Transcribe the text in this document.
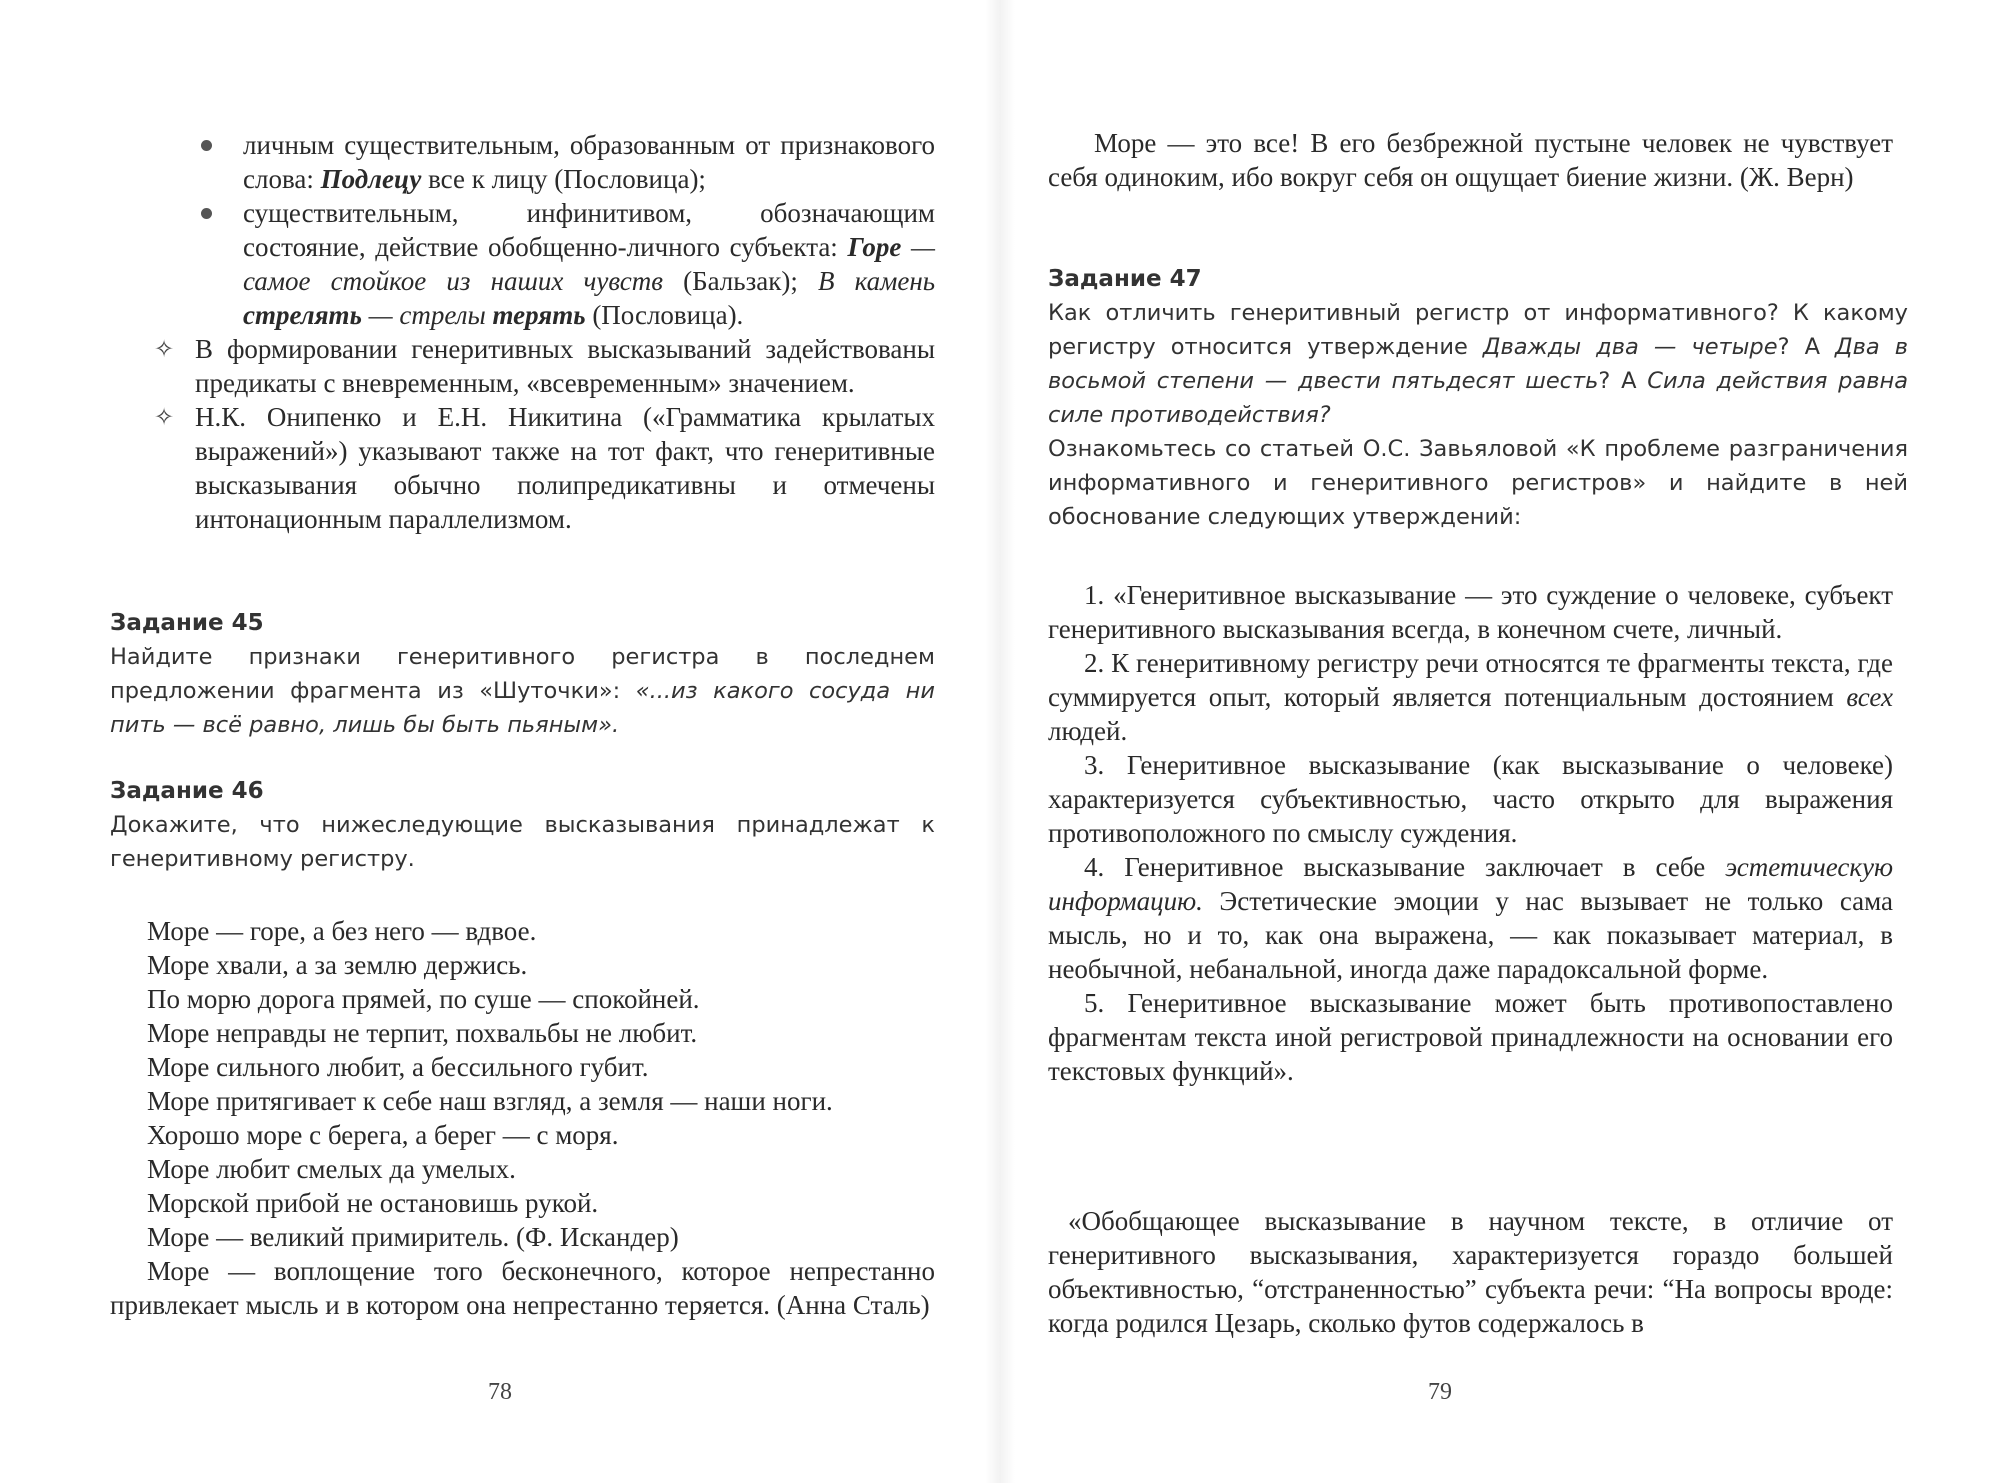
личным существительным, образованным от признакового слова: Подлецу все к лицу (Пословица);
существительным, инфинитивом, обозначающим состояние, действие обобщенно-личного субъекта: Горе — самое стойкое из наших чувств (Бальзак); В камень стрелять — стрелы терять (Пословица).
✧ В формировании генеритивных высказываний задействованы предикаты с вневременным, «всевременным» значением.
✧ Н.К. Онипенко и Е.Н. Никитина («Грамматика крылатых выражений») указывают также на тот факт, что генеритивные высказывания обычно полипредикативны и отмечены интонационным параллелизмом.
Задание 45
Найдите признаки генеритивного регистра в последнем предложении фрагмента из «Шуточки»: «...из какого сосуда ни пить — всё равно, лишь бы быть пьяным».
Задание 46
Докажите, что нижеследующие высказывания принадлежат к генеритивному регистру.
Море — горе, а без него — вдвое.
Море хвали, а за землю держись.
По морю дорога прямей, по суше — спокойней.
Море неправды не терпит, похвальбы не любит.
Море сильного любит, а бессильного губит.
Море притягивает к себе наш взгляд, а земля — наши ноги.
Хорошо море с берега, а берег — с моря.
Море любит смелых да умелых.
Морской прибой не остановишь рукой.
Море — великий примиритель. (Ф. Искандер)
Море — воплощение того бесконечного, которое непрестанно привлекает мысль и в котором она непрестанно теряется. (Анна Сталь)
78
Море — это все! В его безбрежной пустыне человек не чувствует себя одиноким, ибо вокруг себя он ощущает биение жизни. (Ж. Верн)
Задание 47
Как отличить генеритивный регистр от информативного? К какому регистру относится утверждение Дважды два — четыре? А Два в восьмой степени — двести пятьдесят шесть? А Сила действия равна силе противодействия?
Ознакомьтесь со статьей О.С. Завьяловой «К проблеме разграничения информативного и генеритивного регистров» и найдите в ней обоснование следующих утверждений:

1. «Генеритивное высказывание — это суждение о человеке, субъект генеритивного высказывания всегда, в конечном счете, личный.

2. К генеритивному регистру речи относятся те фрагменты текста, где суммируется опыт, который является потенциальным достоянием всех людей.

3. Генеритивное высказывание (как высказывание о человеке) характеризуется субъективностью, часто открыто для выражения противоположного по смыслу суждения.

4. Генеритивное высказывание заключает в себе эстетическую информацию. Эстетические эмоции у нас вызывает не только сама мысль, но и то, как она выражена, — как показывает материал, в необычной, небанальной, иногда даже парадоксальной форме.

5. Генеритивное высказывание может быть противопоставлено фрагментам текста иной регистровой принадлежности на основании его текстовых функций».

«Обобщающее высказывание в научном тексте, в отличие от генеритивного высказывания, характеризуется гораздо большей объективностью, “отстраненностью” субъекта речи: “На вопросы вроде: когда родился Цезарь, сколько футов содержалось в
79
